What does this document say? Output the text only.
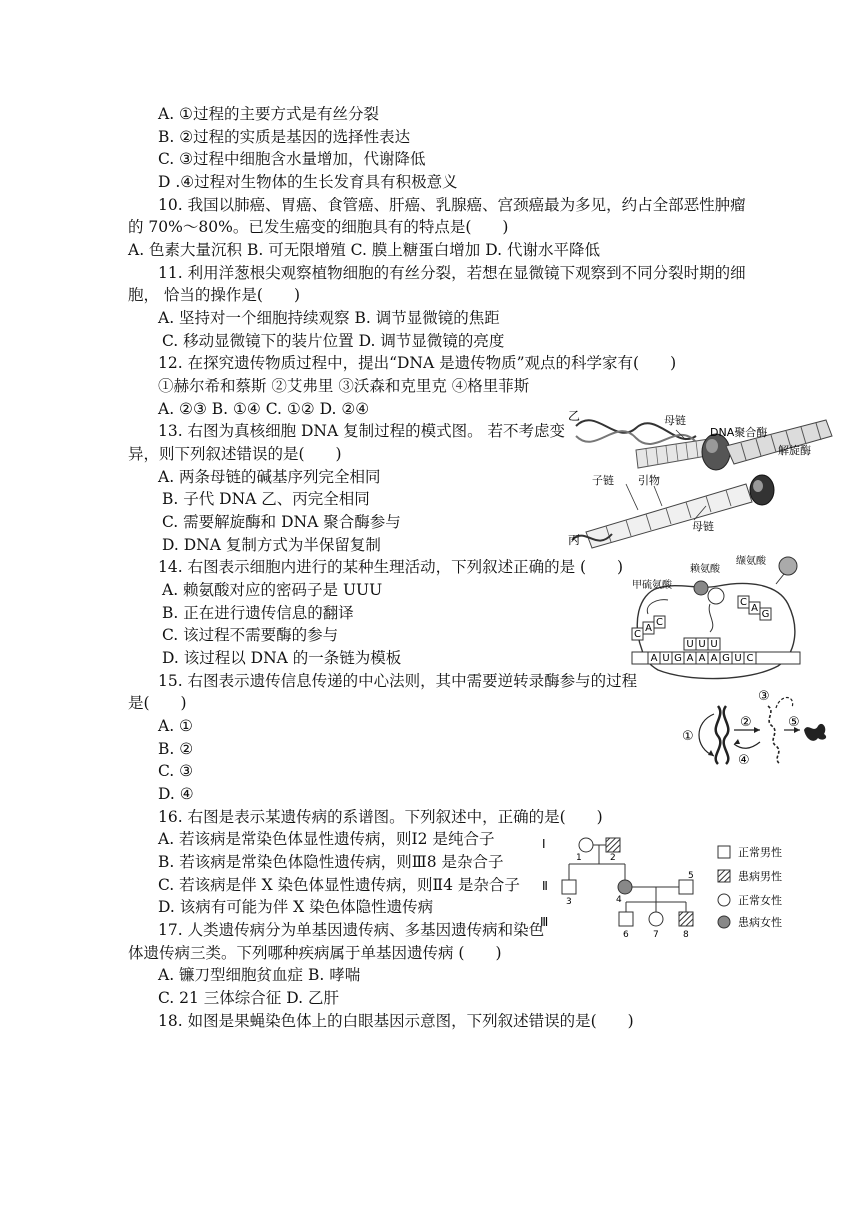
A. ①过程的主要方式是有丝分裂
B. ②过程的实质是基因的选择性表达
C. ③过程中细胞含水量增加，代谢降低
D .④过程对生物体的生长发育具有积极意义
10. 我国以肺癌、胃癌、食管癌、肝癌、乳腺癌、宫颈癌最为多见，约占全部恶性肿瘤
的 70%～80%。已发生癌变的细胞具有的特点是(　　)
A. 色素大量沉积 B. 可无限增殖 C. 膜上糖蛋白增加 D. 代谢水平降低
11. 利用洋葱根尖观察植物细胞的有丝分裂，若想在显微镜下观察到不同分裂时期的细
胞， 恰当的操作是(　　)
A. 坚持对一个细胞持续观察 B. 调节显微镜的焦距
C. 移动显微镜下的装片位置 D. 调节显微镜的亮度
12. 在探究遗传物质过程中，提出“DNA 是遗传物质”观点的科学家有(　　)
①赫尔希和蔡斯 ②艾弗里 ③沃森和克里克 ④格里菲斯
A. ②③ B. ①④ C. ①② D. ②④
13. 右图为真核细胞 DNA 复制过程的模式图。 若不考虑变
异，则下列叙述错误的是(　　)
A. 两条母链的碱基序列完全相同
B. 子代 DNA 乙、丙完全相同
C. 需要解旋酶和 DNA 聚合酶参与
D. DNA 复制方式为半保留复制
14. 右图表示细胞内进行的某种生理活动，下列叙述正确的是 (　　)
A. 赖氨酸对应的密码子是 UUU
B. 正在进行遗传信息的翻译
C. 该过程不需要酶的参与
D. 该过程以 DNA 的一条链为模板
15. 右图表示遗传信息传递的中心法则，其中需要逆转录酶参与的过程
是(　　)
A. ①
B. ②
C. ③
D. ④
16. 右图是表示某遗传病的系谱图。下列叙述中，正确的是(　　)
A. 若该病是常染色体显性遗传病，则Ⅰ2 是纯合子
B. 若该病是常染色体隐性遗传病，则Ⅲ8 是杂合子
C. 若该病是伴 X 染色体显性遗传病，则Ⅱ4 是杂合子
D. 该病有可能为伴 X 染色体隐性遗传病
17. 人类遗传病分为单基因遗传病、多基因遗传病和染色
体遗传病三类。下列哪种疾病属于单基因遗传病 (　　)
A. 镰刀型细胞贫血症 B. 哮喘
C. 21 三体综合征 D. 乙肝
18. 如图是果蝇染色体上的白眼基因示意图，下列叙述错误的是(　　)
乙
丙
母链
DNA聚合酶
解旋酶
子链 引物
母链
A U G A A A G U C
C
A
C
U U U
C
A
G
甲硫氨酸
赖氨酸
缬氨酸
①
②
③
④
⑤
Ⅰ
Ⅱ
Ⅲ
1	2
3	4
5
6	7	8
正常男性
患病男性
正常女性
患病女性
